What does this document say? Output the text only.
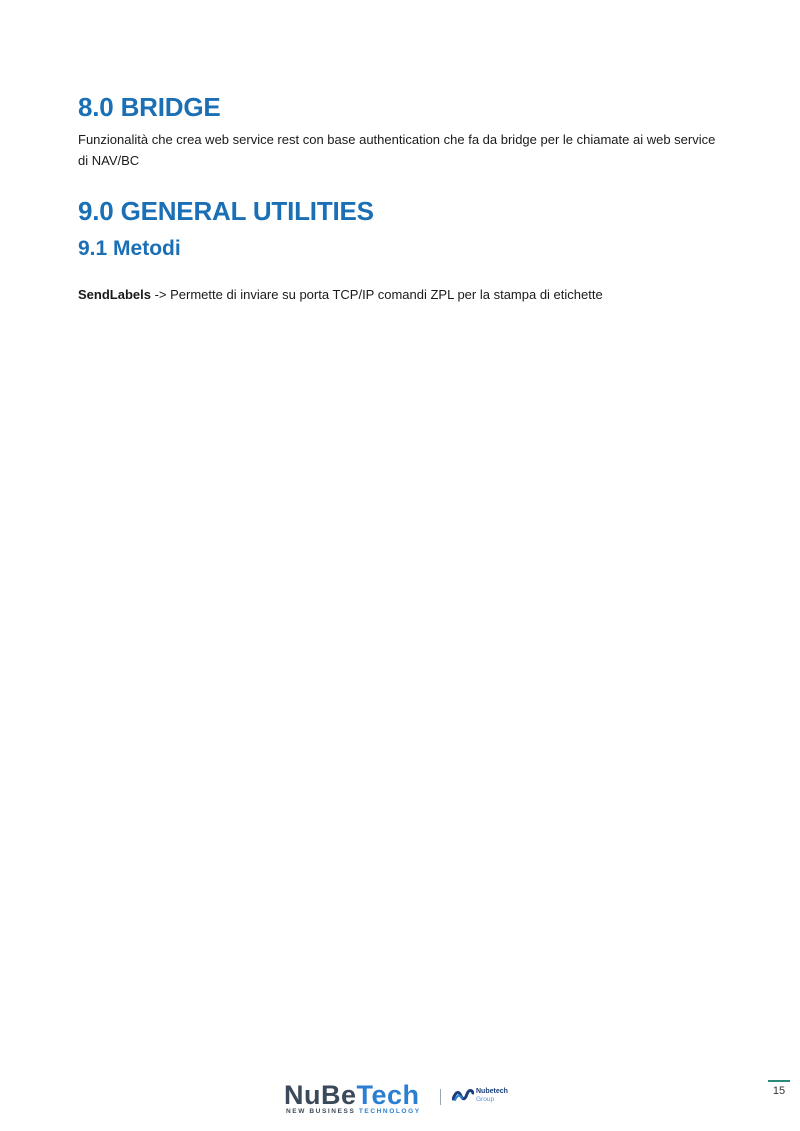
8.0 BRIDGE

Funzionalità che crea web service rest con base authentication che fa da bridge per le chiamate ai web service di NAV/BC

9.0 GENERAL UTILITIES
9.1 Metodi

SendLabels -> Permette di inviare su porta TCP/IP comandi ZPL per la stampa di etichette

NuBeTech
NEW BUSINESS TECHNOLOGY
Nubetech
Group
15
